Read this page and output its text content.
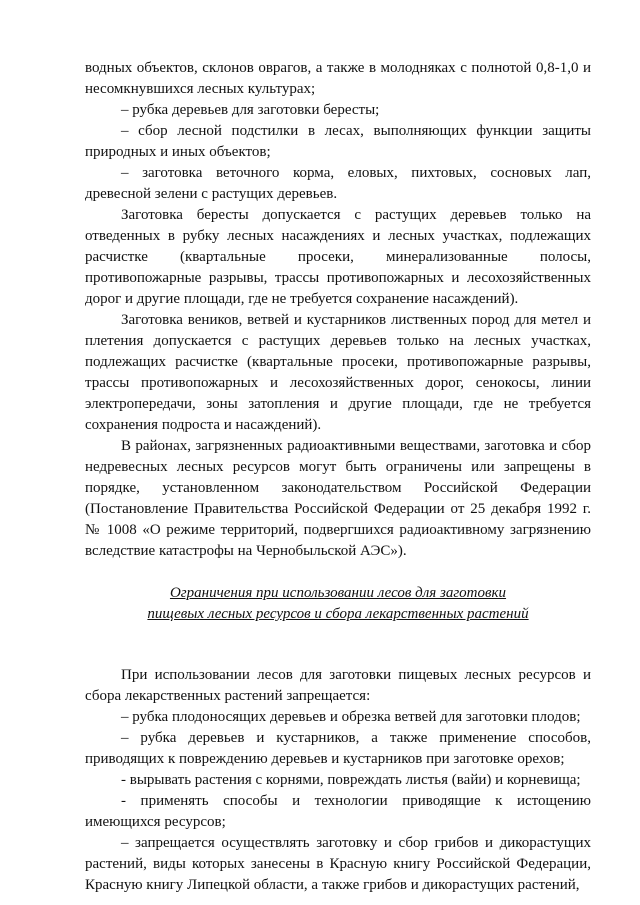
водных объектов, склонов оврагов, а также в молодняках с полнотой 0,8-1,0 и несомкнувшихся лесных культурах;

– рубка деревьев для заготовки бересты;

– сбор лесной подстилки в лесах, выполняющих функции защиты природных и иных объектов;

– заготовка веточного корма, еловых, пихтовых, сосновых лап, древесной зелени с растущих деревьев.

Заготовка бересты допускается с растущих деревьев только на отведенных в рубку лесных насаждениях и лесных участках, подлежащих расчистке (квартальные просеки, минерализованные полосы, противопожарные разрывы, трассы противопожарных и лесохозяйственных дорог и другие площади, где не требуется сохранение насаждений).

Заготовка веников, ветвей и кустарников лиственных пород для метел и плетения допускается с растущих деревьев только на лесных участках, подлежащих расчистке (квартальные просеки, противопожарные разрывы, трассы противопожарных и лесохозяйственных дорог, сенокосы, линии электропередачи, зоны затопления и другие площади, где не требуется сохранения подроста и насаждений).

В районах, загрязненных радиоактивными веществами, заготовка и сбор недревесных лесных ресурсов могут быть ограничены или запрещены в порядке, установленном законодательством Российской Федерации (Постановление Правительства Российской Федерации от 25 декабря 1992 г. № 1008 «О режиме территорий, подвергшихся радиоактивному загрязнению вследствие катастрофы на Чернобыльской АЭС»).

Ограничения при использовании лесов для заготовки
пищевых лесных ресурсов и сбора лекарственных растений

При использовании лесов для заготовки пищевых лесных ресурсов и сбора лекарственных растений запрещается:

– рубка плодоносящих деревьев и обрезка ветвей для заготовки плодов;

– рубка деревьев и кустарников, а также применение способов, приводящих к повреждению деревьев и кустарников при заготовке орехов;

- вырывать растения с корнями, повреждать листья (вайи) и корневища;

- применять способы и технологии приводящие к истощению имеющихся ресурсов;

– запрещается осуществлять заготовку и сбор грибов и дикорастущих растений, виды которых занесены в Красную книгу Российской Федерации, Красную книгу Липецкой области, а также грибов и дикорастущих растений,
